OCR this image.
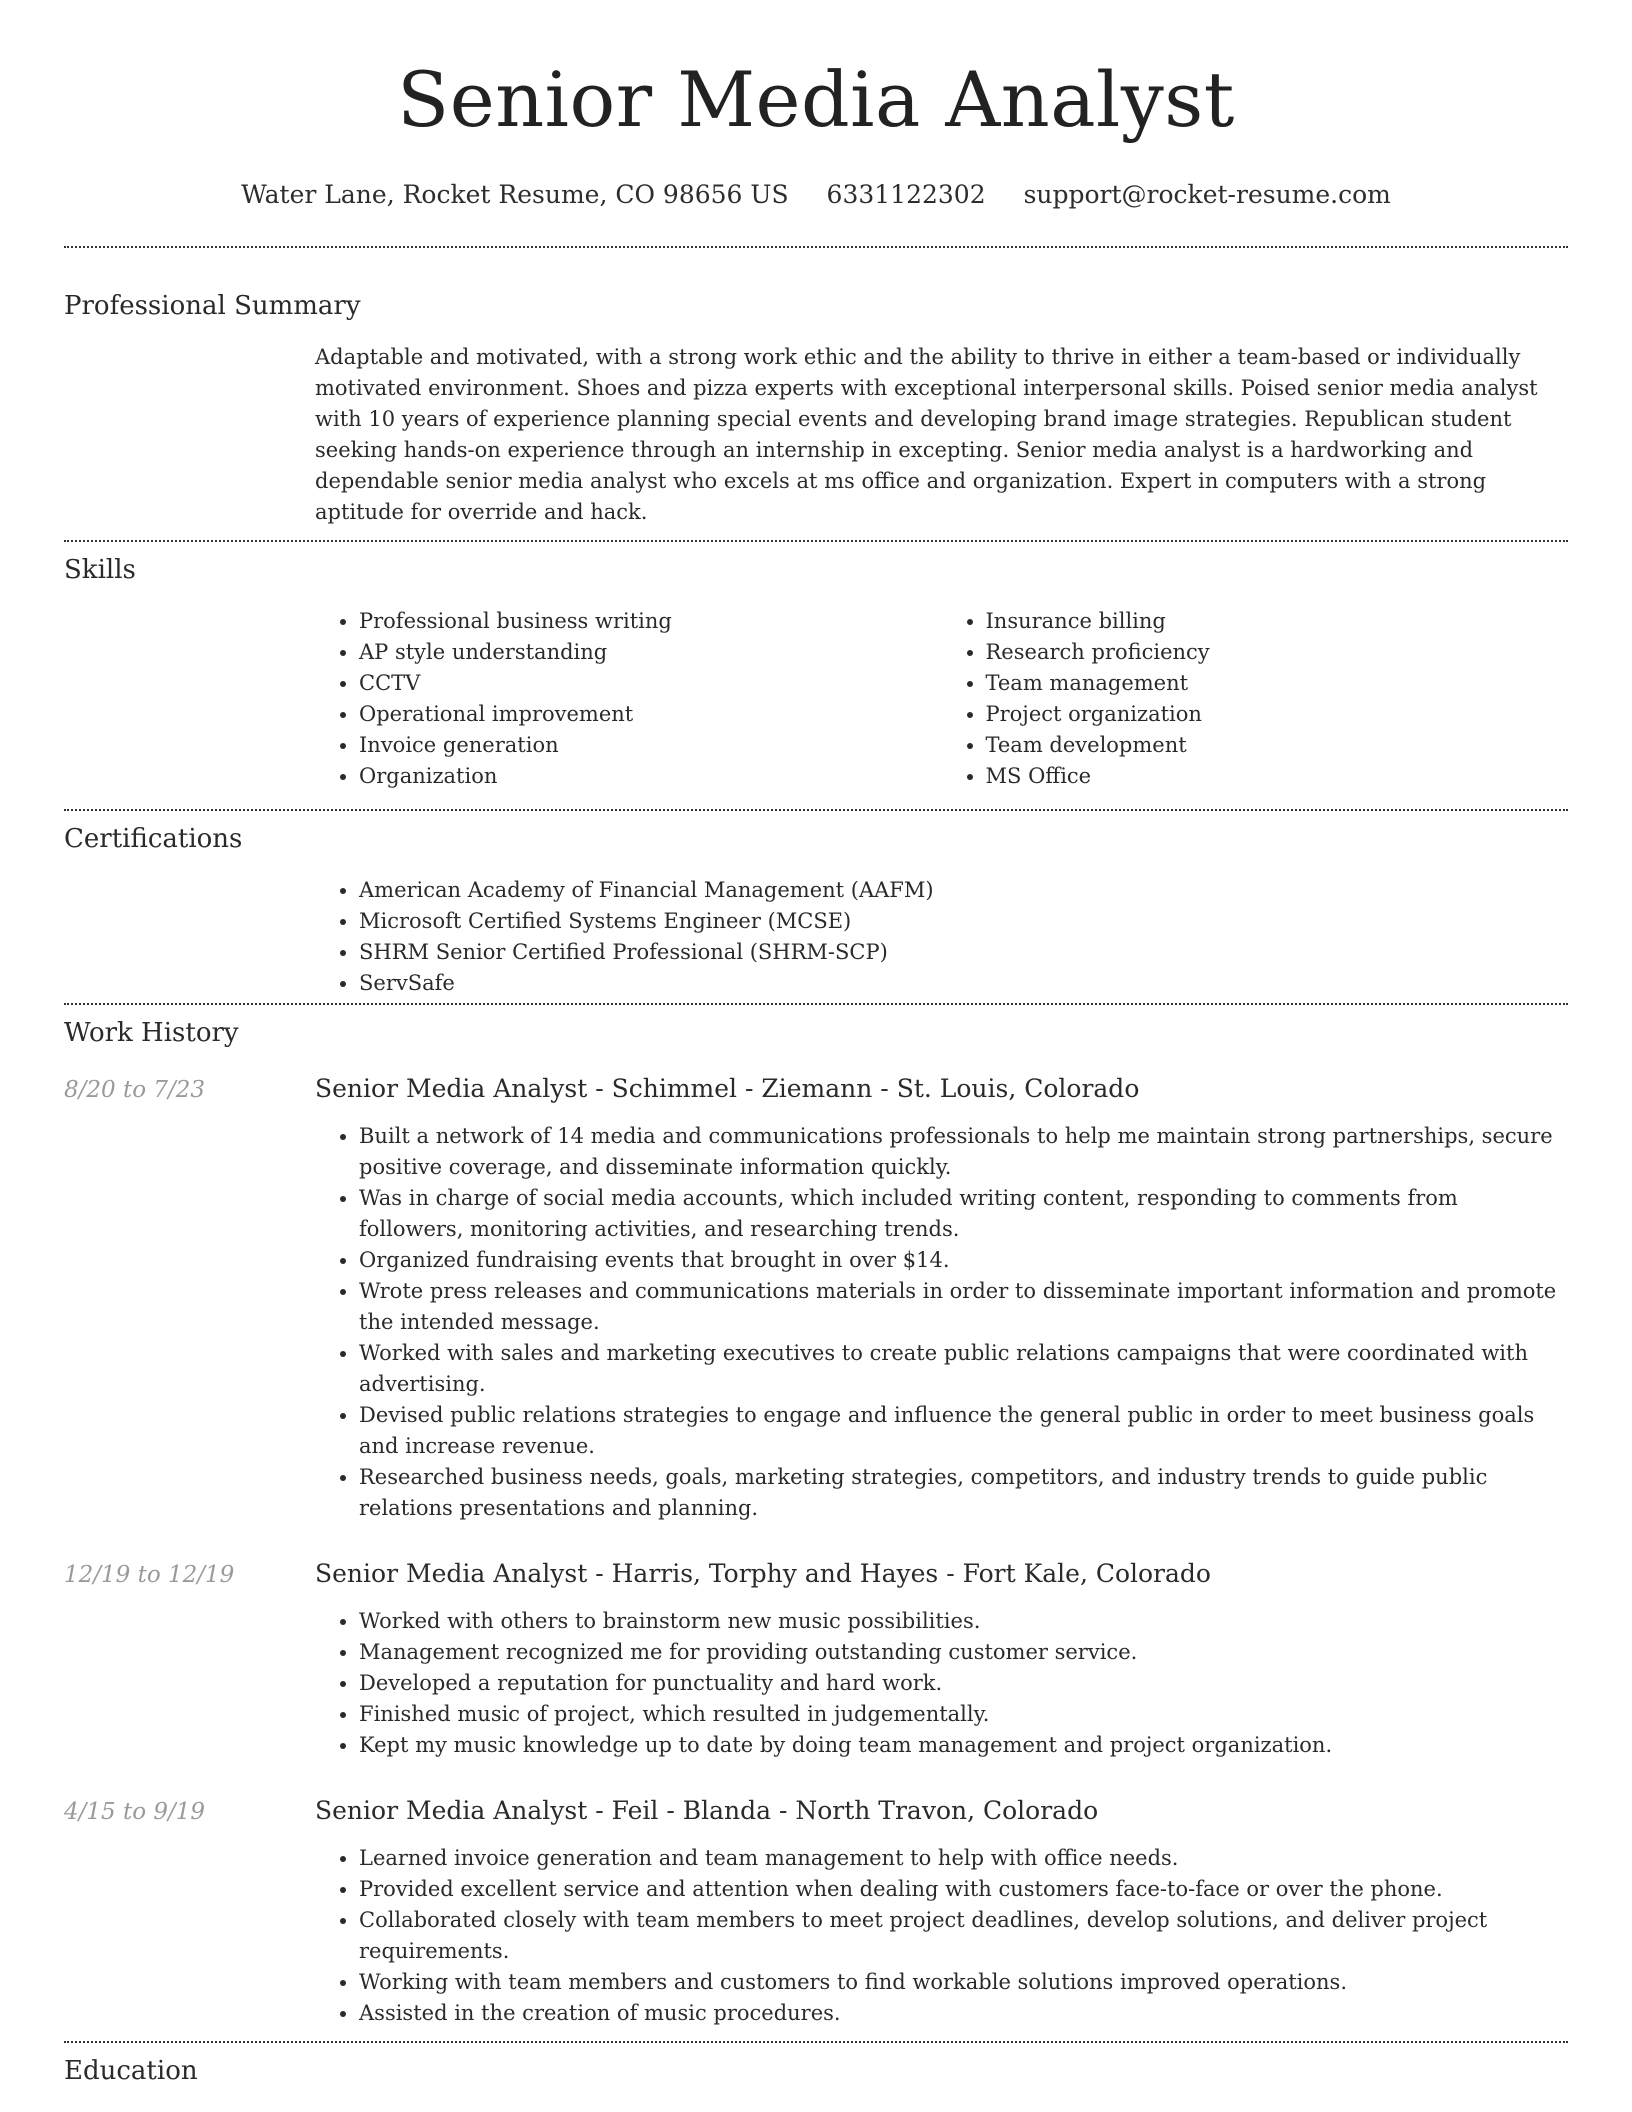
Senior Media Analyst
Water Lane, Rocket Resume, CO 98656 US 6331122302 support@rocket-resume.com
Professional Summary
Adaptable and motivated, with a strong work ethic and the ability to thrive in either a team-based or individually motivated environment. Shoes and pizza experts with exceptional interpersonal skills. Poised senior media analyst with 10 years of experience planning special events and developing brand image strategies. Republican student seeking hands-on experience through an internship in excepting. Senior media analyst is a hardworking and dependable senior media analyst who excels at ms office and organization. Expert in computers with a strong aptitude for override and hack.
Skills
• Professional business writing
• AP style understanding
• CCTV
• Operational improvement
• Invoice generation
• Organization
• Insurance billing
• Research proficiency
• Team management
• Project organization
• Team development
• MS Office
Certifications
• American Academy of Financial Management (AAFM)
• Microsoft Certified Systems Engineer (MCSE)
• SHRM Senior Certified Professional (SHRM-SCP)
• ServSafe
Work History
8/20 to 7/23	Senior Media Analyst - Schimmel - Ziemann - St. Louis, Colorado
• Built a network of 14 media and communications professionals to help me maintain strong partnerships, secure positive coverage, and disseminate information quickly.
• Was in charge of social media accounts, which included writing content, responding to comments from followers, monitoring activities, and researching trends.
• Organized fundraising events that brought in over $14.
• Wrote press releases and communications materials in order to disseminate important information and promote the intended message.
• Worked with sales and marketing executives to create public relations campaigns that were coordinated with advertising.
• Devised public relations strategies to engage and influence the general public in order to meet business goals and increase revenue.
• Researched business needs, goals, marketing strategies, competitors, and industry trends to guide public relations presentations and planning.
12/19 to 12/19	Senior Media Analyst - Harris, Torphy and Hayes - Fort Kale, Colorado
• Worked with others to brainstorm new music possibilities.
• Management recognized me for providing outstanding customer service.
• Developed a reputation for punctuality and hard work.
• Finished music of project, which resulted in judgementally.
• Kept my music knowledge up to date by doing team management and project organization.
4/15 to 9/19	Senior Media Analyst - Feil - Blanda - North Travon, Colorado
• Learned invoice generation and team management to help with office needs.
• Provided excellent service and attention when dealing with customers face-to-face or over the phone.
• Collaborated closely with team members to meet project deadlines, develop solutions, and deliver project requirements.
• Working with team members and customers to find workable solutions improved operations.
• Assisted in the creation of music procedures.
Education
